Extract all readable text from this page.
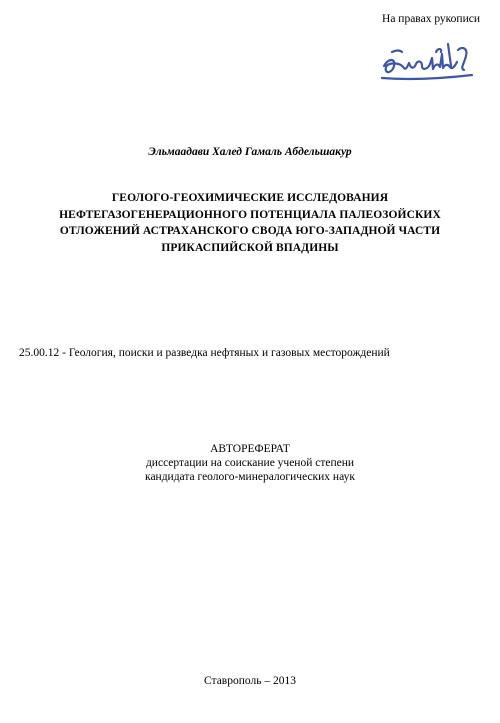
На правах рукописи
Эльмаадави Халед Гамаль Абдельшакур
ГЕОЛОГО-ГЕОХИМИЧЕСКИЕ ИССЛЕДОВАНИЯ
НЕФТЕГАЗОГЕНЕРАЦИОННОГО ПОТЕНЦИАЛА ПАЛЕОЗОЙСКИХ
ОТЛОЖЕНИЙ АСТРАХАНСКОГО СВОДА ЮГО-ЗАПАДНОЙ ЧАСТИ
ПРИКАСПИЙСКОЙ ВПАДИНЫ
25.00.12 - Геология, поиски и разведка нефтяных и газовых месторождений
АВТОРЕФЕРАТ
диссертации на соискание ученой степени
кандидата геолого-минералогических наук
Ставрополь – 2013
